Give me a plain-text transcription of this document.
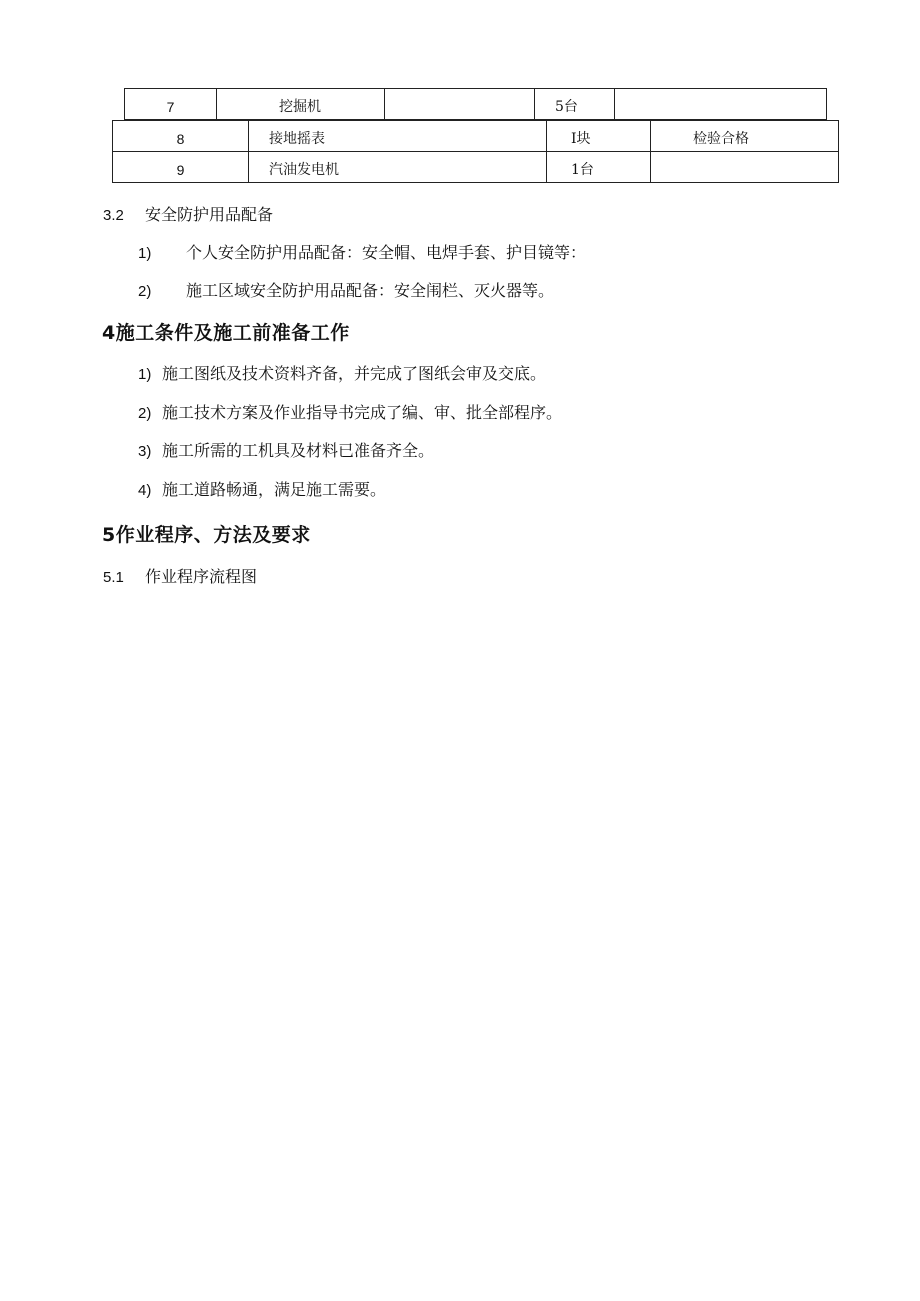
7	挖掘机		5台	
8	接地摇表	I块	检验合格
9	汽油发电机	1台	
3.2 安全防护用品配备
1) 个人安全防护用品配备：安全帽、电焊手套、护目镜等：
2) 施工区域安全防护用品配备：安全闱栏、灭火器等。
4施工条件及施工前准备工作
1) 施工图纸及技术资料齐备，并完成了图纸会审及交底。
2) 施工技术方案及作业指导书完成了编、审、批全部程序。
3) 施工所需的工机具及材料已准备齐全。
4) 施工道路畅通，满足施工需要。
5作业程序、方法及要求
5.1 作业程序流程图
